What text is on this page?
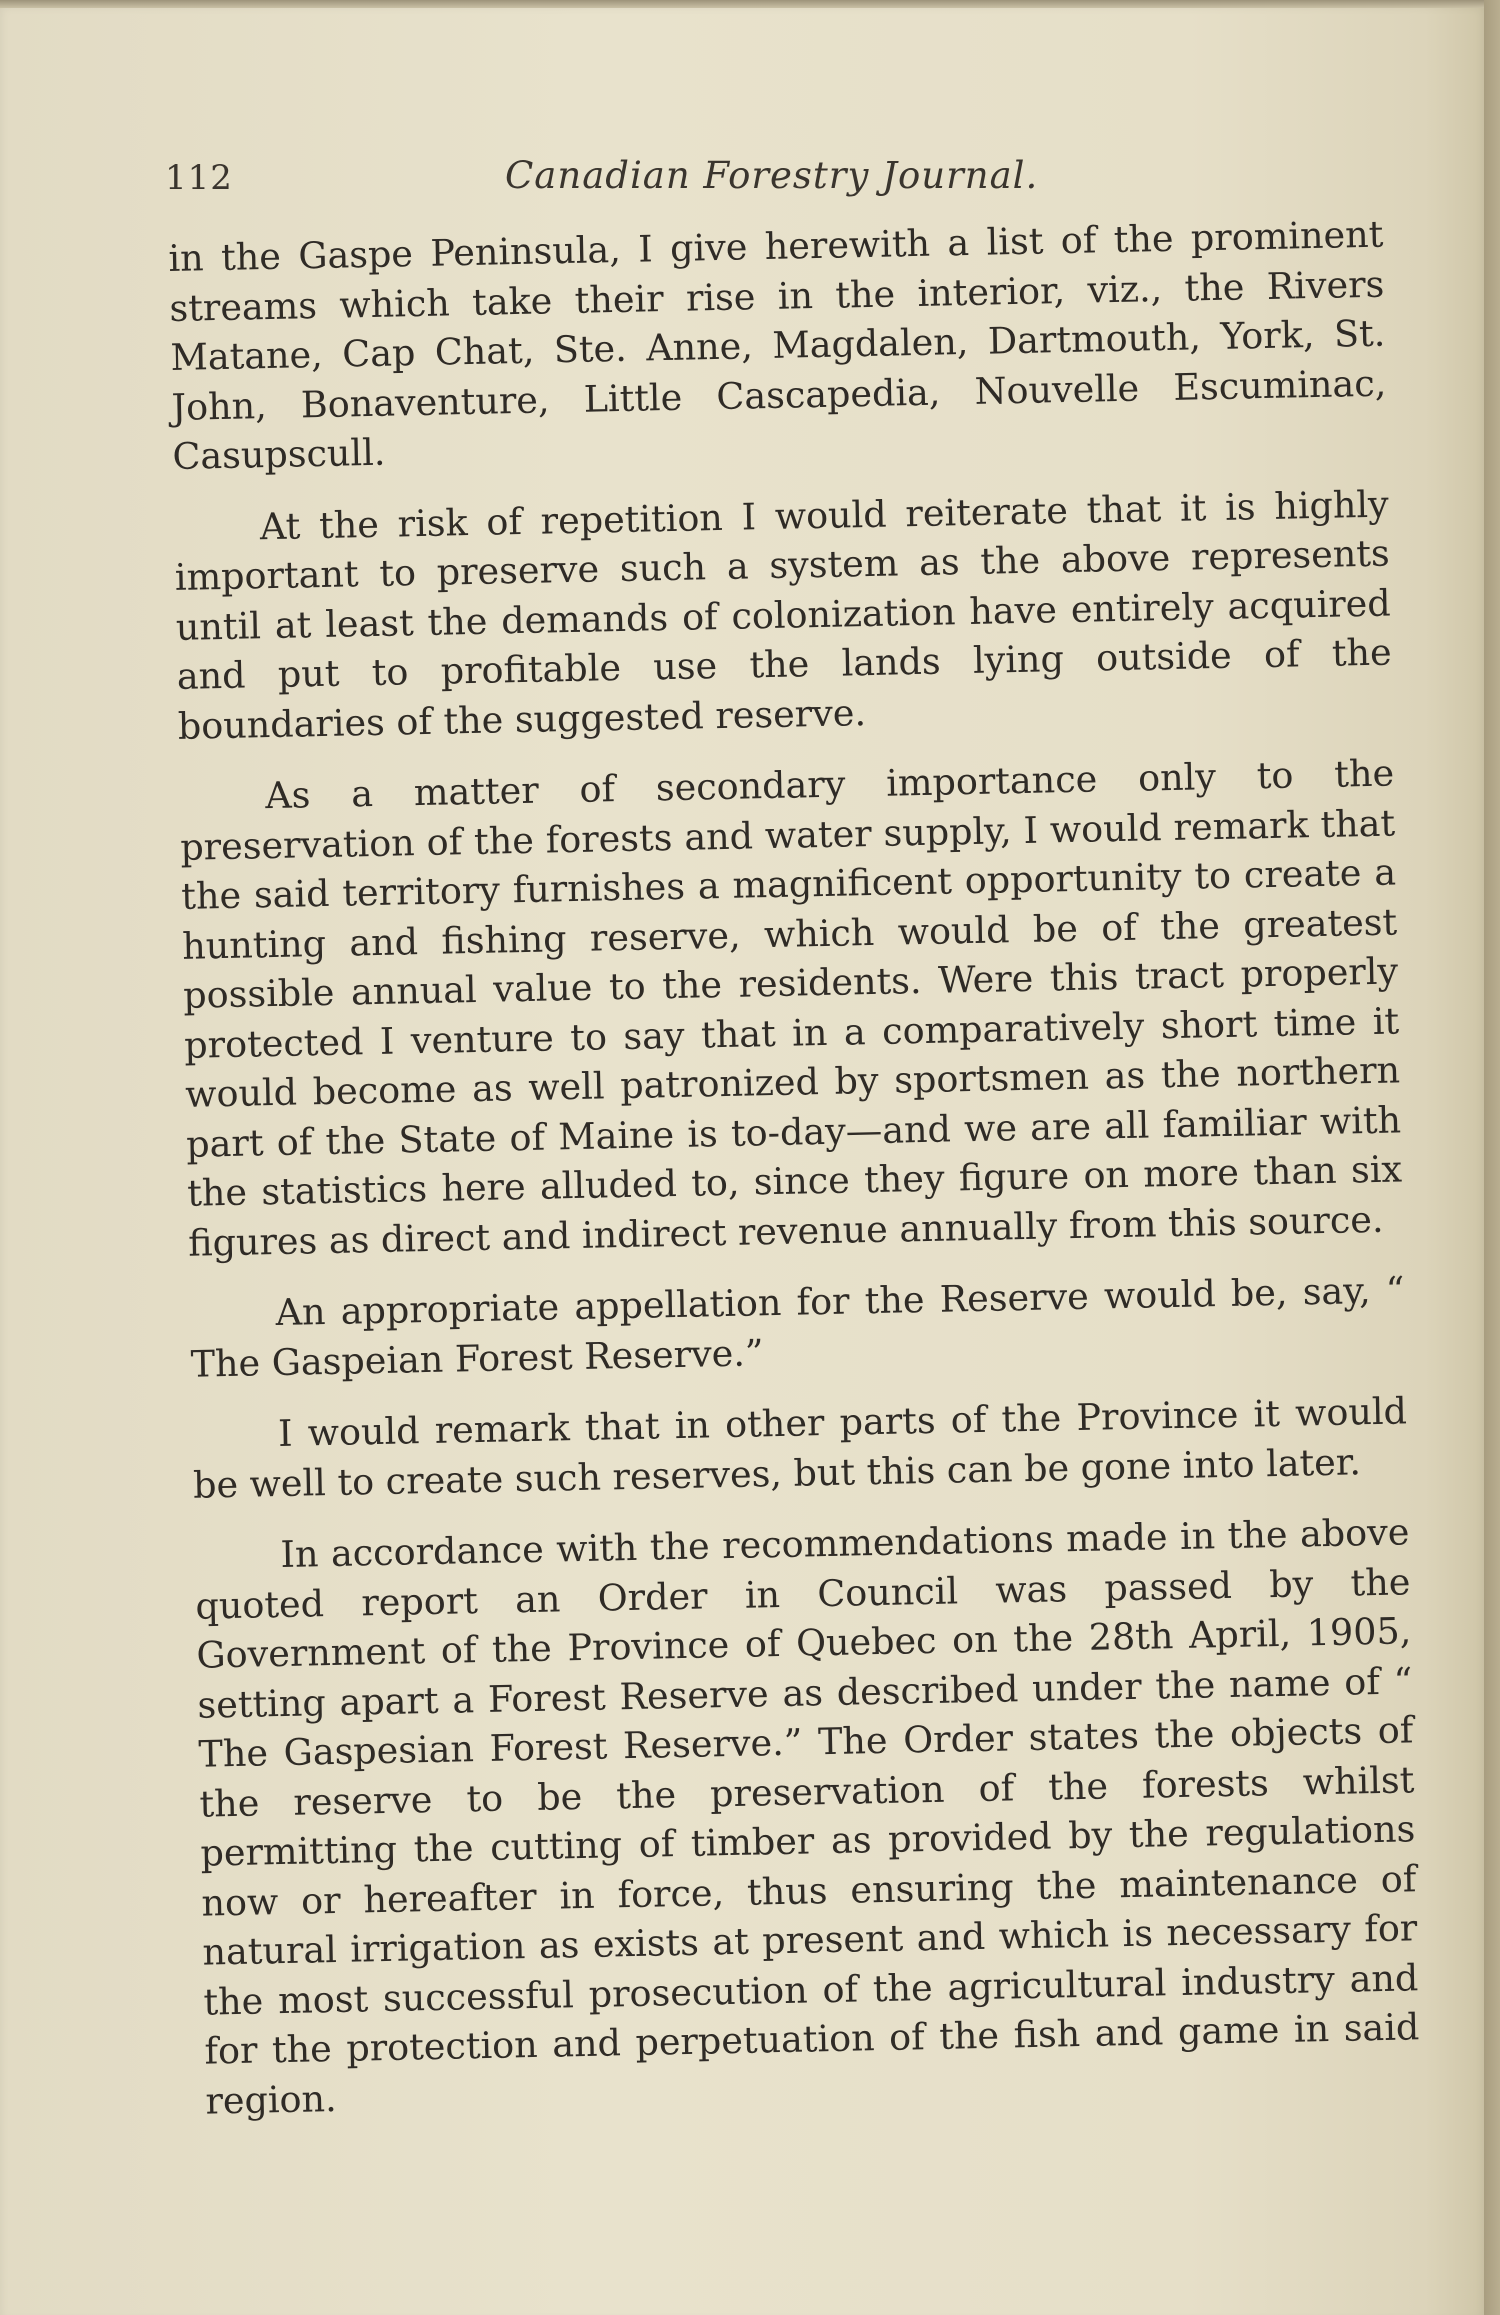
112	Canadian Forestry Journal.

in the Gaspe Peninsula, I give herewith a list of the prominent streams which take their rise in the interior, viz., the Rivers Matane, Cap Chat, Ste. Anne, Magdalen, Dartmouth, York, St. John, Bonaventure, Little Cascapedia, Nouvelle Escuminac, Casupscull.

At the risk of repetition I would reiterate that it is highly important to preserve such a system as the above represents until at least the demands of colonization have entirely acquired and put to profitable use the lands lying outside of the boundaries of the suggested reserve.

As a matter of secondary importance only to the preservation of the forests and water supply, I would remark that the said territory furnishes a magnificent opportunity to create a hunting and fishing reserve, which would be of the greatest possible annual value to the residents. Were this tract properly protected I venture to say that in a comparatively short time it would become as well patronized by sportsmen as the northern part of the State of Maine is to-day—and we are all familiar with the statistics here alluded to, since they figure on more than six figures as direct and indirect revenue annually from this source.

An appropriate appellation for the Reserve would be, say, “ The Gaspeian Forest Reserve.”

I would remark that in other parts of the Province it would be well to create such reserves, but this can be gone into later.

In accordance with the recommendations made in the above quoted report an Order in Council was passed by the Government of the Province of Quebec on the 28th April, 1905, setting apart a Forest Reserve as described under the name of “ The Gaspesian Forest Reserve.” The Order states the objects of the reserve to be the preservation of the forests whilst permitting the cutting of timber as provided by the regulations now or hereafter in force, thus ensuring the maintenance of natural irrigation as exists at present and which is necessary for the most successful prosecution of the agricultural industry and for the protection and perpetuation of the fish and game in said region.
